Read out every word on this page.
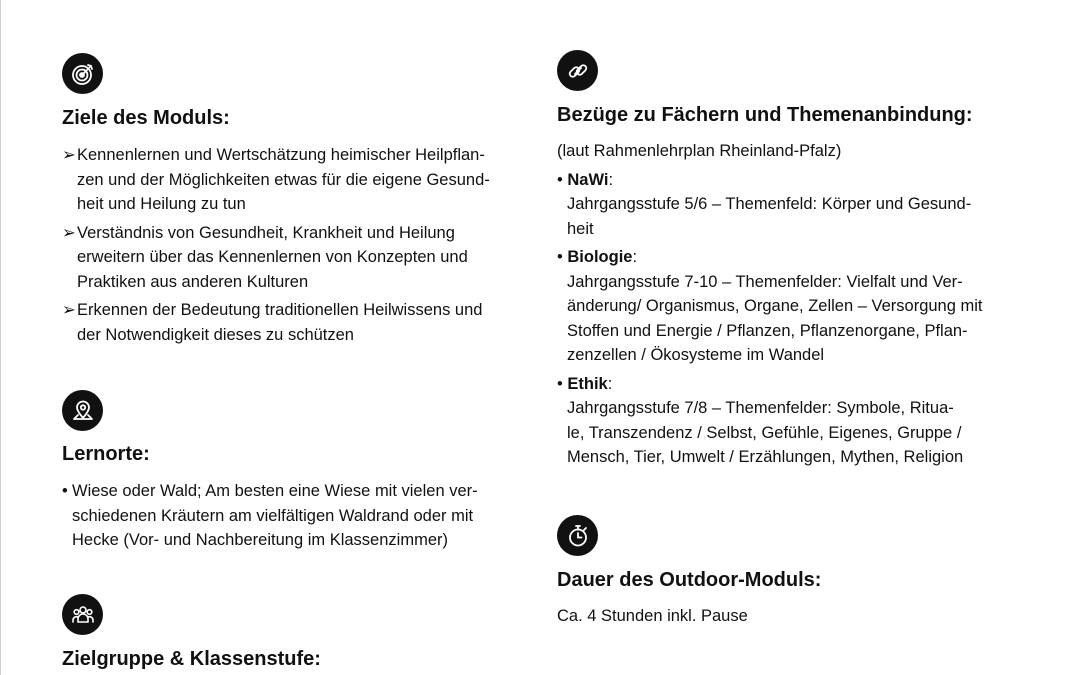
Ziele des Moduls:
➢ Kennenlernen und Wertschätzung heimischer Heilpflan-
zen und der Möglichkeiten etwas für die eigene Gesund-
heit und Heilung zu tun
➢ Verständnis von Gesundheit, Krankheit und Heilung
erweitern über das Kennenlernen von Konzepten und
Praktiken aus anderen Kulturen
➢ Erkennen der Bedeutung traditionellen Heilwissens und
der Notwendigkeit dieses zu schützen
Lernorte:
• Wiese oder Wald; Am besten eine Wiese mit vielen ver-
schiedenen Kräutern am vielfältigen Waldrand oder mit
Hecke (Vor- und Nachbereitung im Klassenzimmer)
Zielgruppe & Klassenstufe:
Bezüge zu Fächern und Themenanbindung:
(laut Rahmenlehrplan Rheinland-Pfalz)
• NaWi:
Jahrgangsstufe 5/6 – Themenfeld: Körper und Gesund-
heit
• Biologie:
Jahrgangsstufe 7-10 – Themenfelder: Vielfalt und Ver-
änderung/ Organismus, Organe, Zellen – Versorgung mit
Stoffen und Energie / Pflanzen, Pflanzenorgane, Pflan-
zenzellen / Ökosysteme im Wandel
• Ethik:
Jahrgangsstufe 7/8 – Themenfelder: Symbole, Ritua-
le, Transzendenz / Selbst, Gefühle, Eigenes, Gruppe /
Mensch, Tier, Umwelt / Erzählungen, Mythen, Religion
Dauer des Outdoor-Moduls:
Ca. 4 Stunden inkl. Pause
